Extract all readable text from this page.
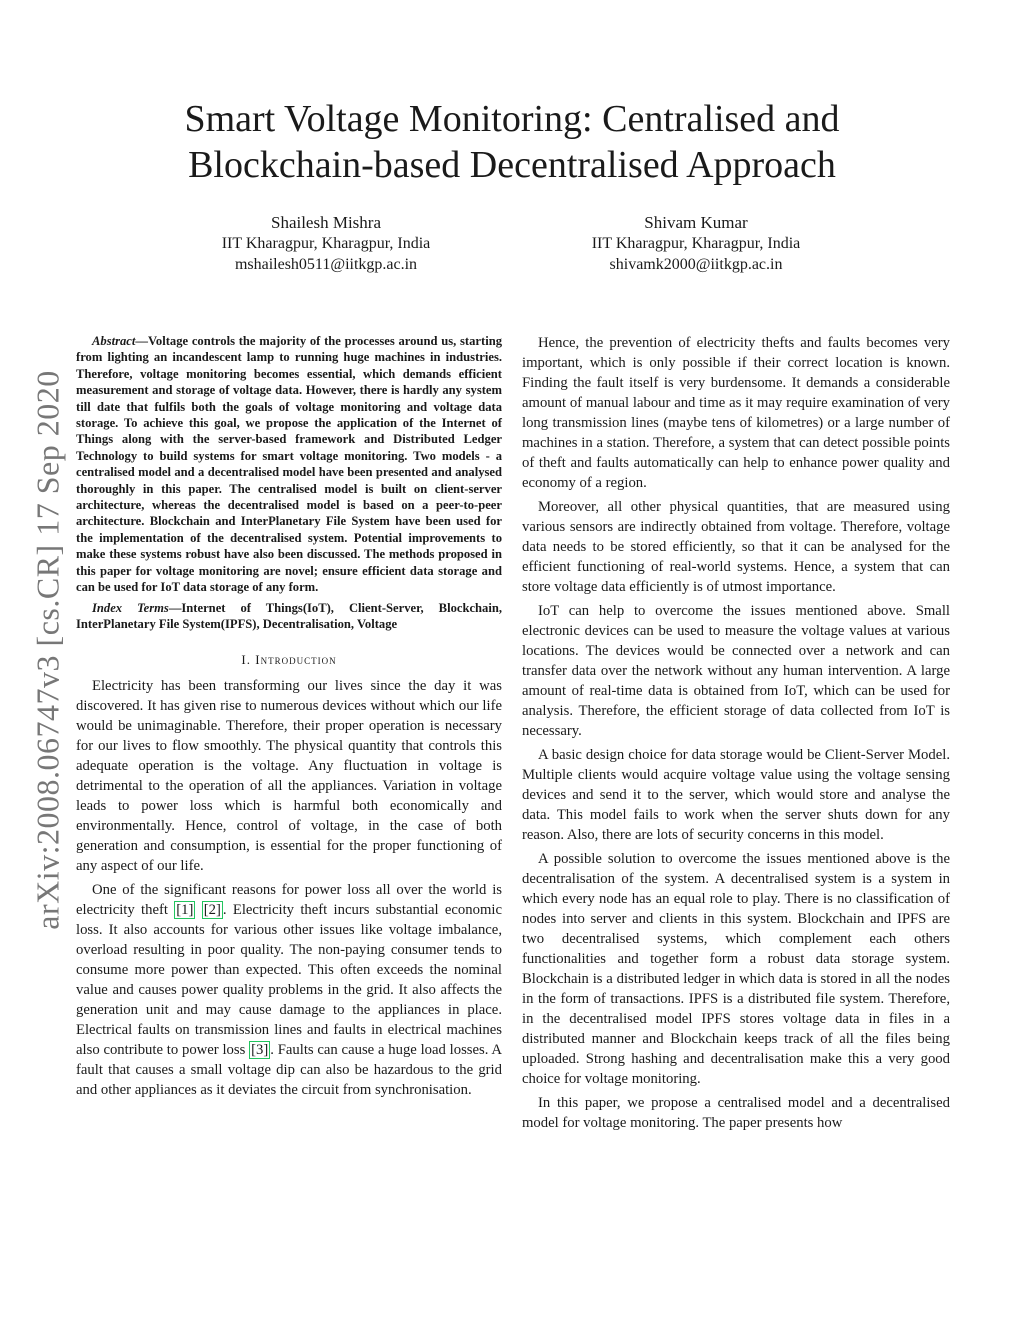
Smart Voltage Monitoring: Centralised and
Blockchain-based Decentralised Approach
Shailesh Mishra
IIT Kharagpur, Kharagpur, India
mshailesh0511@iitkgp.ac.in
Shivam Kumar
IIT Kharagpur, Kharagpur, India
shivamk2000@iitkgp.ac.in
arXiv:2008.06747v3 [cs.CR] 17 Sep 2020

Abstract—Voltage controls the majority of the processes around us, starting from lighting an incandescent lamp to running huge machines in industries. Therefore, voltage monitoring becomes essential, which demands efficient measurement and storage of voltage data. However, there is hardly any system till date that fulfils both the goals of voltage monitoring and voltage data storage. To achieve this goal, we propose the application of the Internet of Things along with the server-based framework and Distributed Ledger Technology to build systems for smart voltage monitoring. Two models - a centralised model and a decentralised model have been presented and analysed thoroughly in this paper. The centralised model is built on client-server architecture, whereas the decentralised model is based on a peer-to-peer architecture. Blockchain and InterPlanetary File System have been used for the implementation of the decentralised system. Potential improvements to make these systems robust have also been discussed. The methods proposed in this paper for voltage monitoring are novel; ensure efficient data storage and can be used for IoT data storage of any form.

Index Terms—Internet of Things(IoT), Client-Server, Blockchain, InterPlanetary File System(IPFS), Decentralisation, Voltage

I. Introduction

Electricity has been transforming our lives since the day it was discovered. It has given rise to numerous devices without which our life would be unimaginable. Therefore, their proper operation is necessary for our lives to flow smoothly. The physical quantity that controls this adequate operation is the voltage. Any fluctuation in voltage is detrimental to the operation of all the appliances. Variation in voltage leads to power loss which is harmful both economically and environmentally. Hence, control of voltage, in the case of both generation and consumption, is essential for the proper functioning of any aspect of our life.

One of the significant reasons for power loss all over the world is electricity theft [1] [2] . Electricity theft incurs substantial economic loss. It also accounts for various other issues like voltage imbalance, overload resulting in poor quality. The non-paying consumer tends to consume more power than expected. This often exceeds the nominal value and causes power quality problems in the grid. It also affects the generation unit and may cause damage to the appliances in place. Electrical faults on transmission lines and faults in electrical machines also contribute to power loss [3] . Faults can cause a huge load losses. A fault that causes a small voltage dip can also be hazardous to the grid and other appliances as it deviates the circuit from synchronisation.

Hence, the prevention of electricity thefts and faults becomes very important, which is only possible if their correct location is known. Finding the fault itself is very burdensome. It demands a considerable amount of manual labour and time as it may require examination of very long transmission lines (maybe tens of kilometres) or a large number of machines in a station. Therefore, a system that can detect possible points of theft and faults automatically can help to enhance power quality and economy of a region.

Moreover, all other physical quantities, that are measured using various sensors are indirectly obtained from voltage. Therefore, voltage data needs to be stored efficiently, so that it can be analysed for the efficient functioning of real-world systems. Hence, a system that can store voltage data efficiently is of utmost importance.

IoT can help to overcome the issues mentioned above. Small electronic devices can be used to measure the voltage values at various locations. The devices would be connected over a network and can transfer data over the network without any human intervention. A large amount of real-time data is obtained from IoT, which can be used for analysis. Therefore, the efficient storage of data collected from IoT is necessary.

A basic design choice for data storage would be Client-Server Model. Multiple clients would acquire voltage value using the voltage sensing devices and send it to the server, which would store and analyse the data. This model fails to work when the server shuts down for any reason. Also, there are lots of security concerns in this model.

A possible solution to overcome the issues mentioned above is the decentralisation of the system. A decentralised system is a system in which every node has an equal role to play. There is no classification of nodes into server and clients in this system. Blockchain and IPFS are two decentralised systems, which complement each others functionalities and together form a robust data storage system. Blockchain is a distributed ledger in which data is stored in all the nodes in the form of transactions. IPFS is a distributed file system. Therefore, in the decentralised model IPFS stores voltage data in files in a distributed manner and Blockchain keeps track of all the files being uploaded. Strong hashing and decentralisation make this a very good choice for voltage monitoring.

In this paper, we propose a centralised model and a decentralised model for voltage monitoring. The paper presents how
